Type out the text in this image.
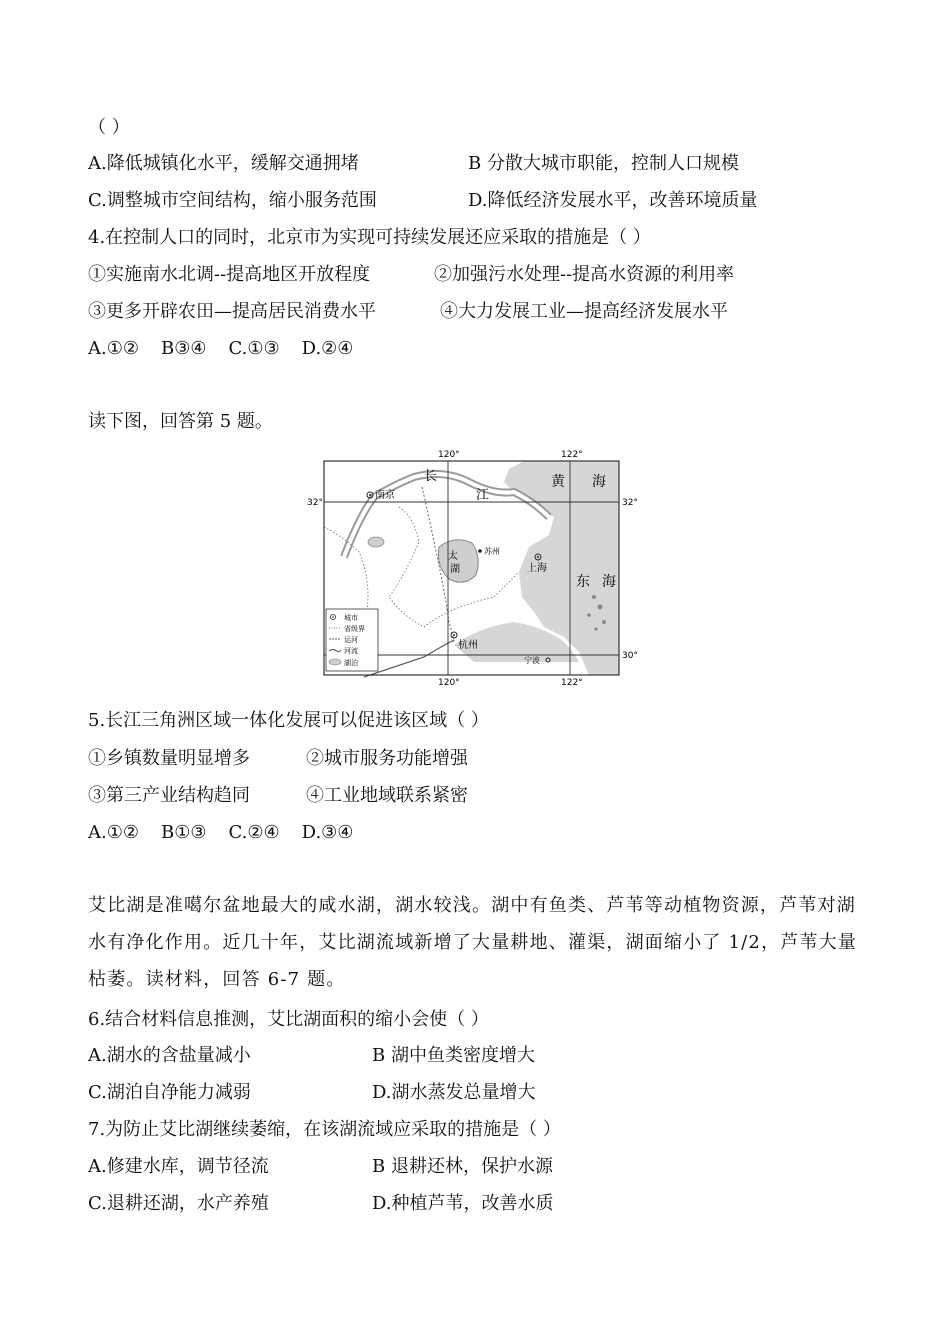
（ ）
A.降低城镇化水平，缓解交通拥堵	B 分散大城市职能，控制人口规模
C.调整城市空间结构，缩小服务范围	D.降低经济发展水平，改善环境质量
4.在控制人口的同时，北京市为实现可持续发展还应采取的措施是（ ）
①实施南水北调--提高地区开放程度	②加强污水处理--提高水资源的利用率
③更多开辟农田—提高居民消费水平	④大力发展工业—提高经济发展水平
A.①② B③④ C.①③ D.②④
读下图，回答第 5 题。
120°	122°
120°	122°
32°	32°
30°
南京
苏州
上海
杭州
宁波
太
湖
长
江
黄 海
东 海
城市
省级界
运河
河流
湖泊
5.长江三角洲区域一体化发展可以促进该区域（ ）
①乡镇数量明显增多	②城市服务功能增强
③第三产业结构趋同	④工业地域联系紧密
A.①② B①③ C.②④ D.③④
艾比湖是准噶尔盆地最大的咸水湖，湖水较浅。湖中有鱼类、芦苇等动植物资源，芦苇对湖水有净化作用。近几十年，艾比湖流域新增了大量耕地、灌渠，湖面缩小了 1/2，芦苇大量枯萎。读材料，回答 6-7 题。
6.结合材料信息推测，艾比湖面积的缩小会使（ ）
A.湖水的含盐量减小	B 湖中鱼类密度增大
C.湖泊自净能力减弱	D.湖水蒸发总量增大
7.为防止艾比湖继续萎缩，在该湖流域应采取的措施是（ ）
A.修建水库，调节径流	B 退耕还林，保护水源
C.退耕还湖，水产养殖	D.种植芦苇，改善水质
